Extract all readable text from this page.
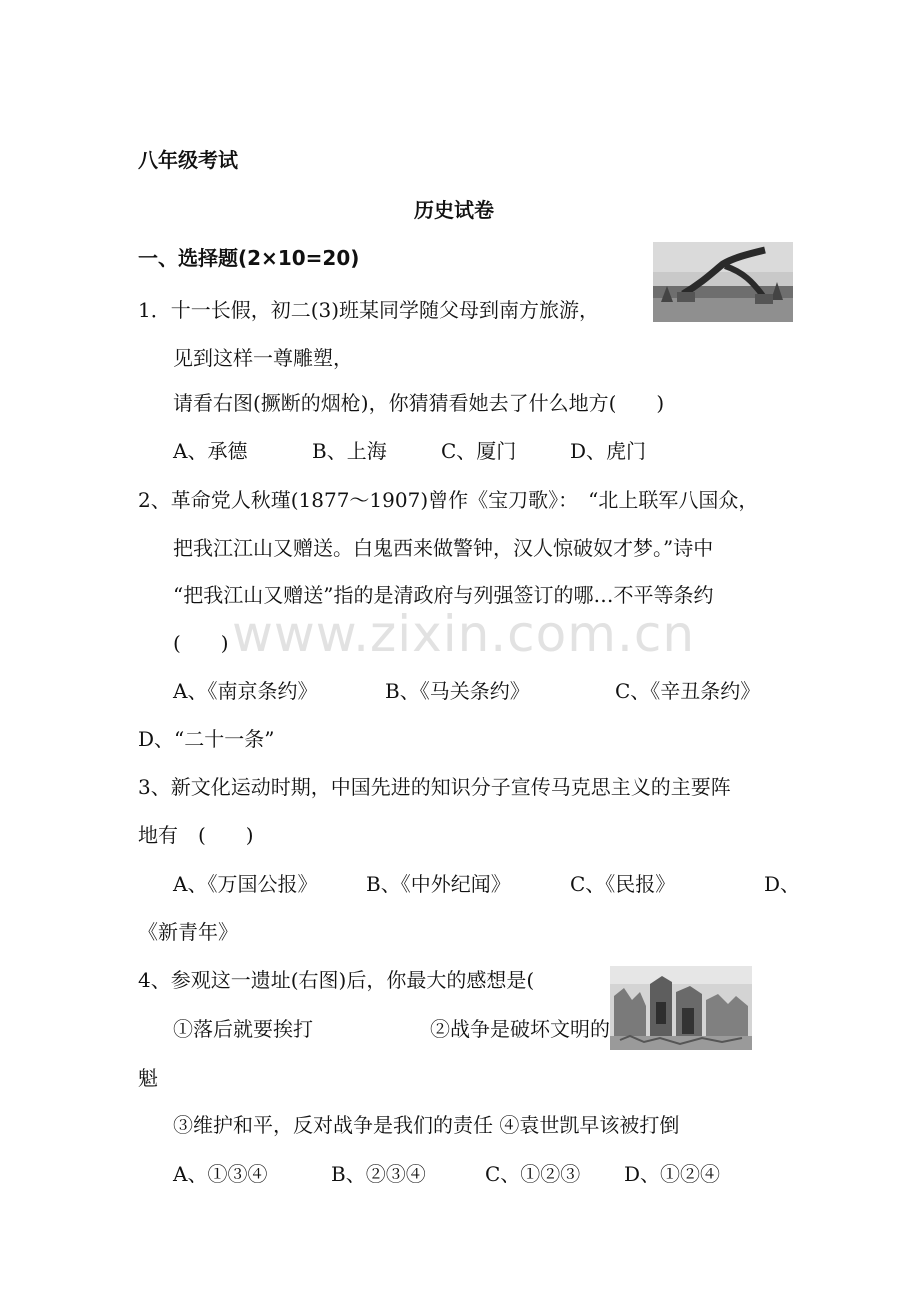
八年级考试
历史试卷
一、选择题(2×10=20)
1．十一长假，初二(3)班某同学随父母到南方旅游，
见到这样一尊雕塑，
请看右图(撅断的烟枪)，你猜猜看她去了什么地方(　　)
A、承德	B、上海	C、厦门	D、虎门
2、革命党人秋瑾(1877～1907)曾作《宝刀歌》：　“北上联军八国众，
把我江江山又赠送。白鬼西来做警钟，汉人惊破奴才梦。”诗中
“把我江山又赠送”指的是清政府与列强签订的哪…不平等条约
(　　) www.zixin.com.cn
A、《南京条约》	B、《马关条约》	C、《辛丑条约》
D、“二十一条”
3、新文化运动时期，中国先进的知识分子宣传马克思主义的主要阵
地有　(　　)
A、《万国公报》 B、《中外纪闻》	C、《民报》	D、
《新青年》
4、参观这一遗址(右图)后，你最大的感想是(
①落后就要挨打	②战争是破坏文明的
魁
③维护和平，反对战争是我们的责任 ④袁世凯早该被打倒
A、①③④	B、②③④	C、①②③ D、①②④
